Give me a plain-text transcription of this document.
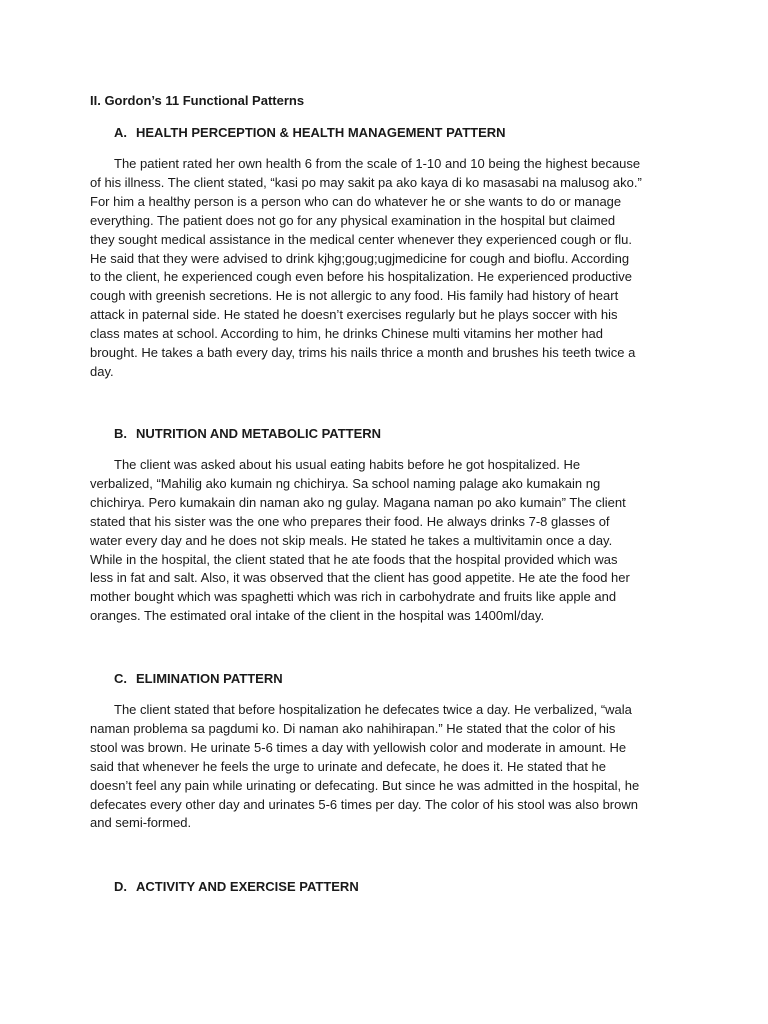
II. Gordon’s 11 Functional Patterns
A. HEALTH PERCEPTION & HEALTH MANAGEMENT PATTERN
The patient rated her own health 6 from the scale of 1-10 and 10 being the highest because
of his illness. The client stated, “kasi po may sakit pa ako kaya di ko masasabi na malusog ako.”
For him a healthy person is a person who can do whatever he or she wants to do or manage
everything. The patient does not go for any physical examination in the hospital but claimed
they sought medical assistance in the medical center whenever they experienced cough or flu.
He said that they were advised to drink kjhg;goug;ugjmedicine for cough and bioflu. According
to the client, he experienced cough even before his hospitalization. He experienced productive
cough with greenish secretions. He is not allergic to any food. His family had history of heart
attack in paternal side. He stated he doesn’t exercises regularly but he plays soccer with his
class mates at school. According to him, he drinks Chinese multi vitamins her mother had
brought. He takes a bath every day, trims his nails thrice a month and brushes his teeth twice a
day.
B. NUTRITION AND METABOLIC PATTERN
The client was asked about his usual eating habits before he got hospitalized. He
verbalized, “Mahilig ako kumain ng chichirya. Sa school naming palage ako kumakain ng
chichirya. Pero kumakain din naman ako ng gulay. Magana naman po ako kumain” The client
stated that his sister was the one who prepares their food. He always drinks 7-8 glasses of
water every day and he does not skip meals. He stated he takes a multivitamin once a day.
While in the hospital, the client stated that he ate foods that the hospital provided which was
less in fat and salt. Also, it was observed that the client has good appetite. He ate the food her
mother bought which was spaghetti which was rich in carbohydrate and fruits like apple and
oranges. The estimated oral intake of the client in the hospital was 1400ml/day.
C. ELIMINATION PATTERN
The client stated that before hospitalization he defecates twice a day. He verbalized, “wala
naman problema sa pagdumi ko. Di naman ako nahihirapan.” He stated that the color of his
stool was brown. He urinate 5-6 times a day with yellowish color and moderate in amount. He
said that whenever he feels the urge to urinate and defecate, he does it. He stated that he
doesn’t feel any pain while urinating or defecating. But since he was admitted in the hospital, he
defecates every other day and urinates 5-6 times per day. The color of his stool was also brown
and semi-formed.
D. ACTIVITY AND EXERCISE PATTERN
